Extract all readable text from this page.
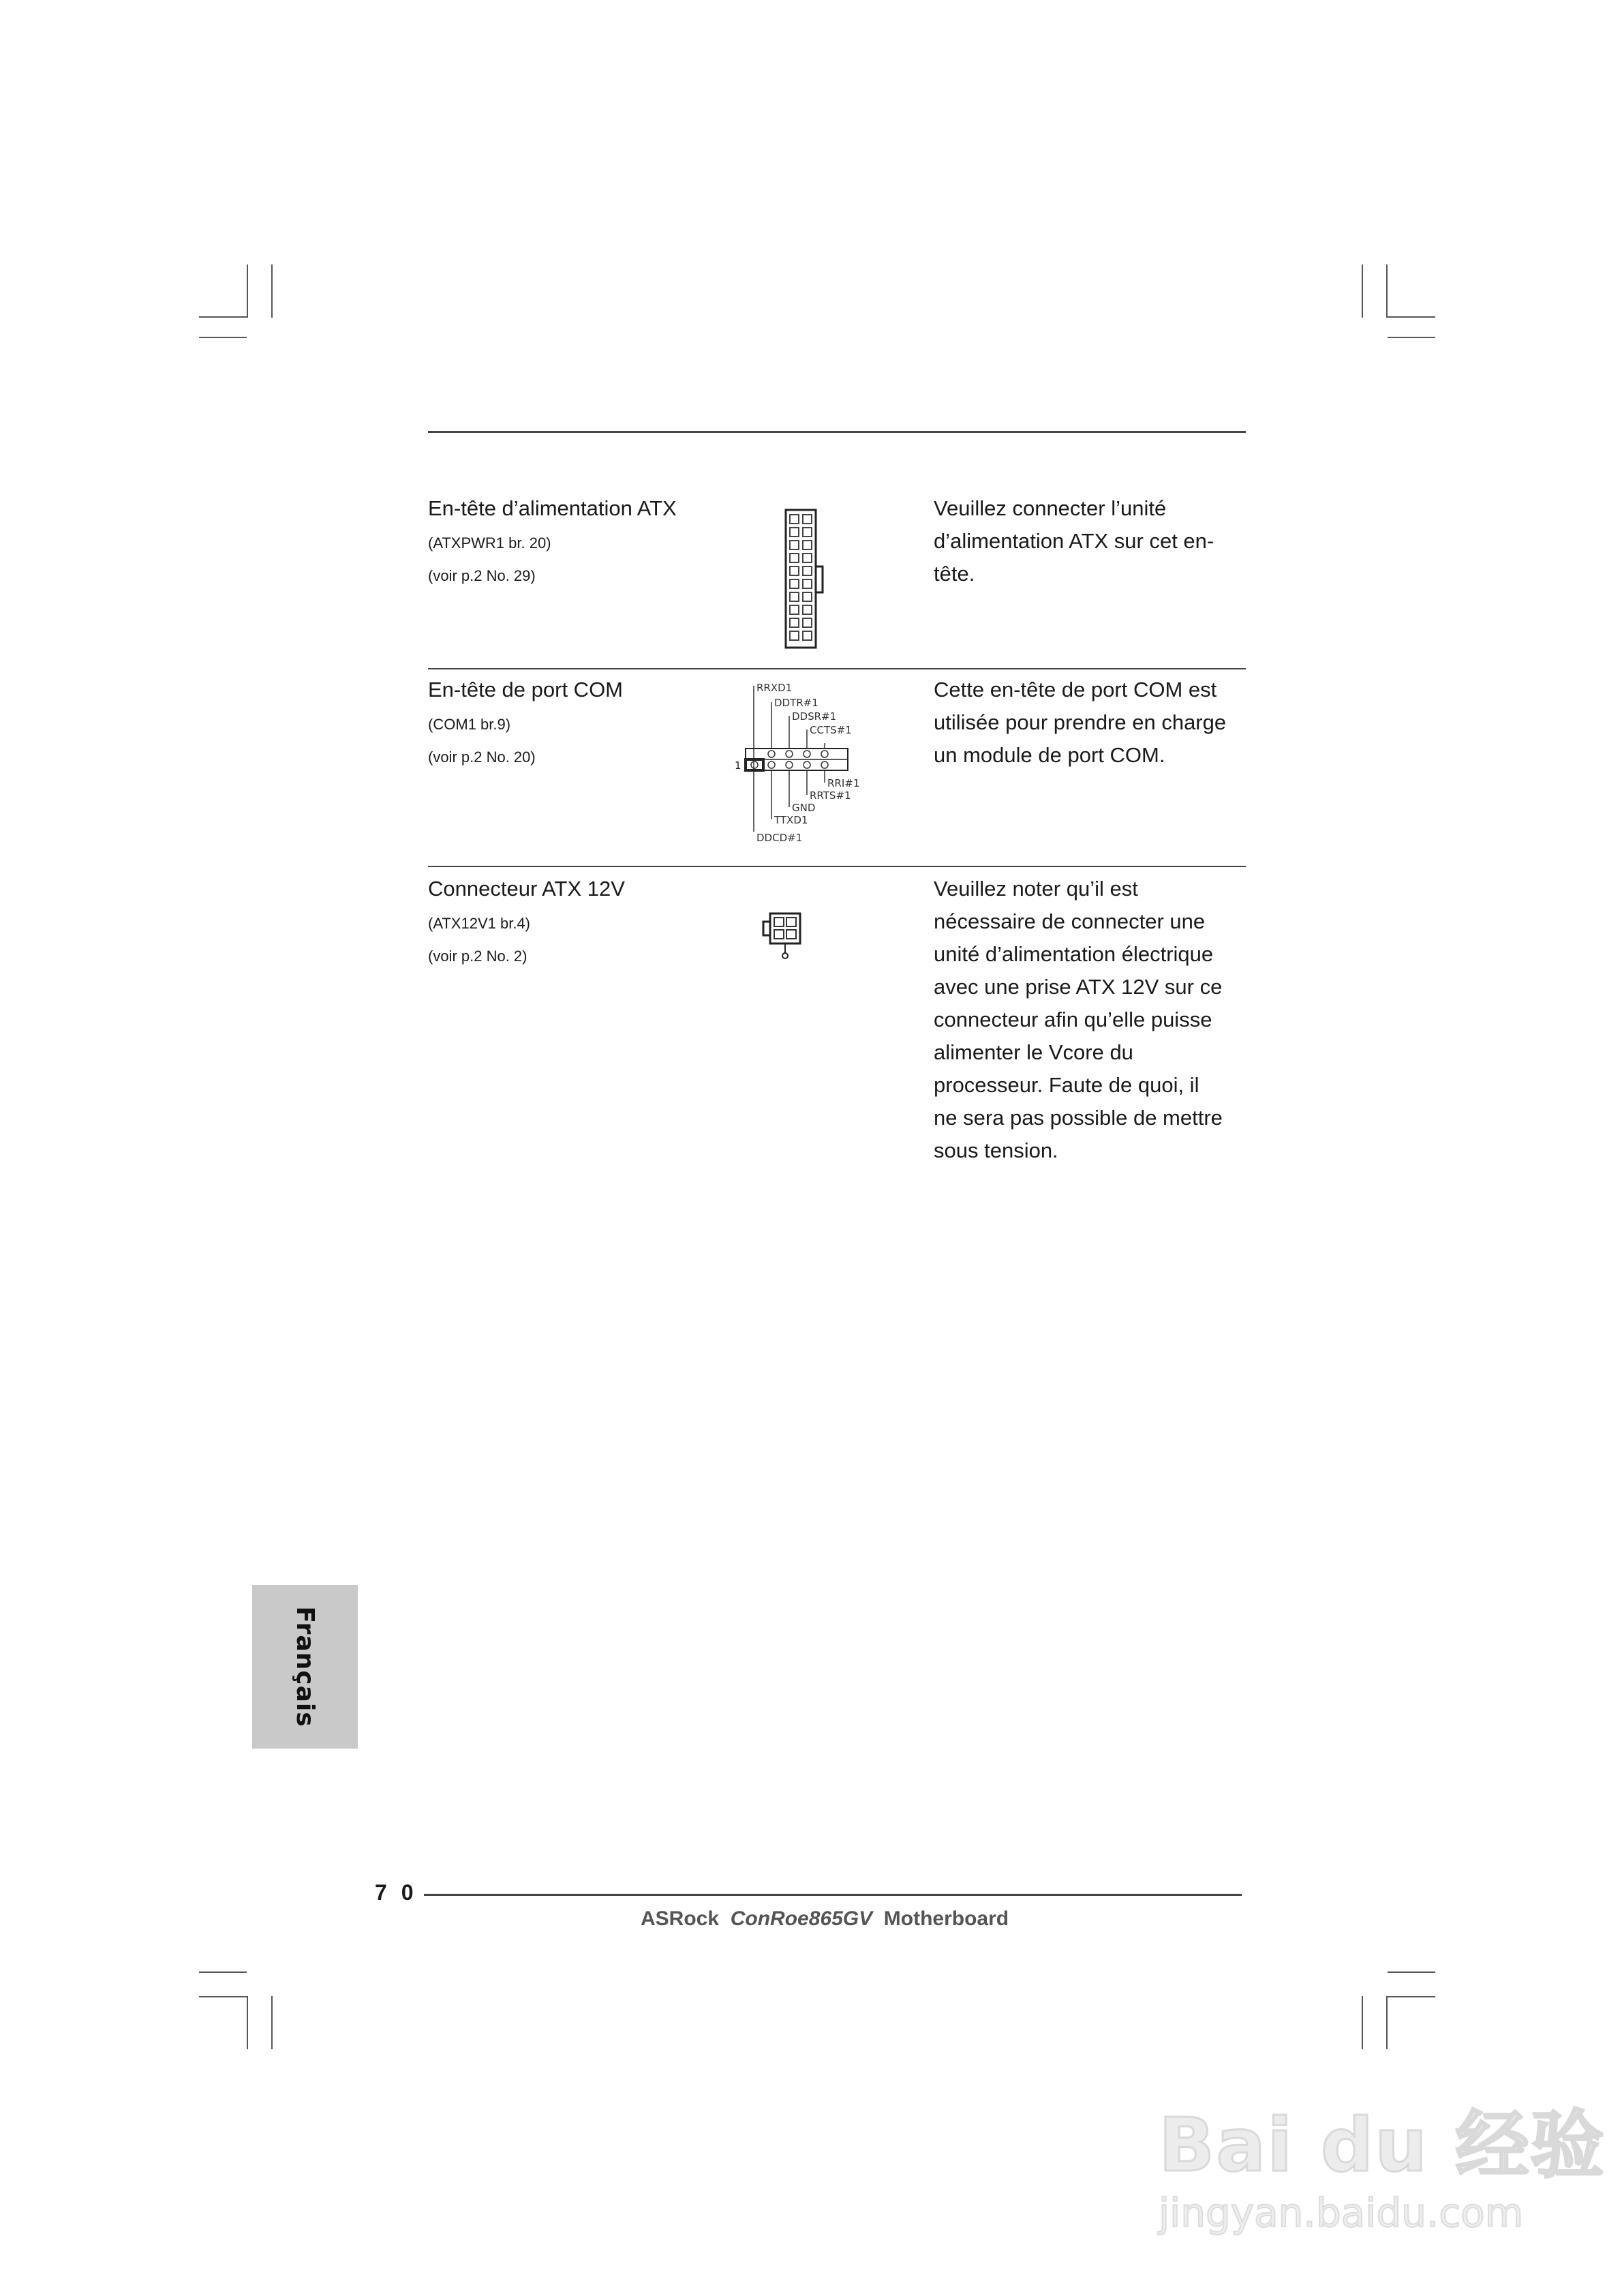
En-tête d’alimentation ATX
(ATXPWR1 br. 20)
(voir p.2 No. 29)
Veuillez connecter l’unité
d’alimentation ATX sur cet en-
tête.
En-tête de port COM
(COM1 br.9)
(voir p.2 No. 20)
RRXD1
DDTR#1
DDSR#1
CCTS#1
RRI#1
RRTS#1
GND
TTXD1
DDCD#1
1
Cette en-tête de port COM est
utilisée pour prendre en charge
un module de port COM.
Connecteur ATX 12V
(ATX12V1 br.4)
(voir p.2 No. 2)
Veuillez noter qu’il est
nécessaire de connecter une
unité d’alimentation électrique
avec une prise ATX 12V sur ce
connecteur afin qu’elle puisse
alimenter le Vcore du
processeur. Faute de quoi, il
ne sera pas possible de mettre
sous tension.
Français
7 0
ASRock ConRoe865GV Motherboard
Bai du 经验
jingyan.baidu.com
